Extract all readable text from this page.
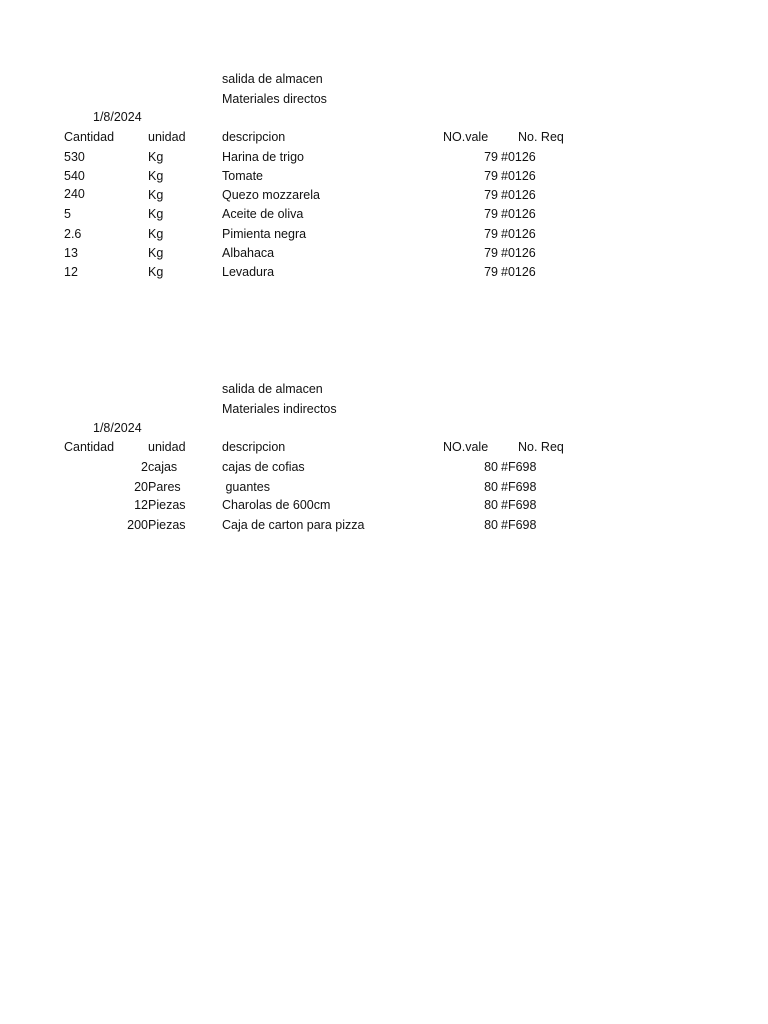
salida de almacen
Materiales directos
1/8/2024
Cantidad	unidad	descripcion	NO.vale No. Req
530	Kg	Harina de trigo	79 #0126
540	Kg	Tomate	79 #0126
240	Kg	Quezo mozzarela	79 #0126
5	Kg	Aceite de oliva	79 #0126
2.6	Kg	Pimienta negra	79 #0126
13	Kg	Albahaca	79 #0126
12	Kg	Levadura	79 #0126
salida de almacen
Materiales indirectos
1/8/2024
Cantidad	unidad	descripcion	NO.vale No. Req
2 cajas	cajas de cofias	80 #F698
20 Pares	guantes	80 #F698
12 Piezas	Charolas de 600cm	80 #F698
200 Piezas	Caja de carton para pizza	80 #F698
